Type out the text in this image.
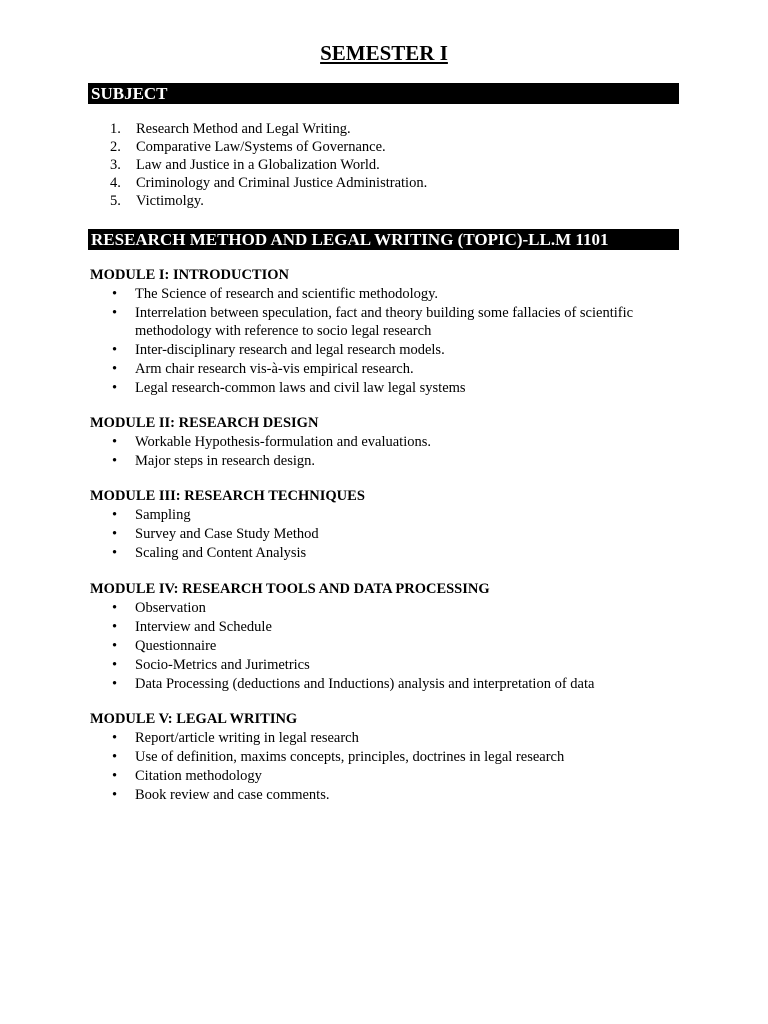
SEMESTER I
SUBJECT
1. Research Method and Legal Writing.
2. Comparative Law/Systems of Governance.
3. Law and Justice in a Globalization World.
4. Criminology and Criminal Justice Administration.
5. Victimolgy.
RESEARCH METHOD AND LEGAL WRITING (TOPIC)-LL.M 1101
MODULE I: INTRODUCTION
• The Science of research and scientific methodology.
• Interrelation between speculation, fact and theory building some fallacies of scientific methodology with reference to socio legal research
• Inter-disciplinary research and legal research models.
• Arm chair research vis-à-vis empirical research.
• Legal research-common laws and civil law legal systems
MODULE II: RESEARCH DESIGN
• Workable Hypothesis-formulation and evaluations.
• Major steps in research design.
MODULE III: RESEARCH TECHNIQUES
• Sampling
• Survey and Case Study Method
• Scaling and Content Analysis
MODULE IV: RESEARCH TOOLS AND DATA PROCESSING
• Observation
• Interview and Schedule
• Questionnaire
• Socio-Metrics and Jurimetrics
• Data Processing (deductions and Inductions) analysis and interpretation of data
MODULE V: LEGAL WRITING
• Report/article writing in legal research
• Use of definition, maxims concepts, principles, doctrines in legal research
• Citation methodology
• Book review and case comments.
